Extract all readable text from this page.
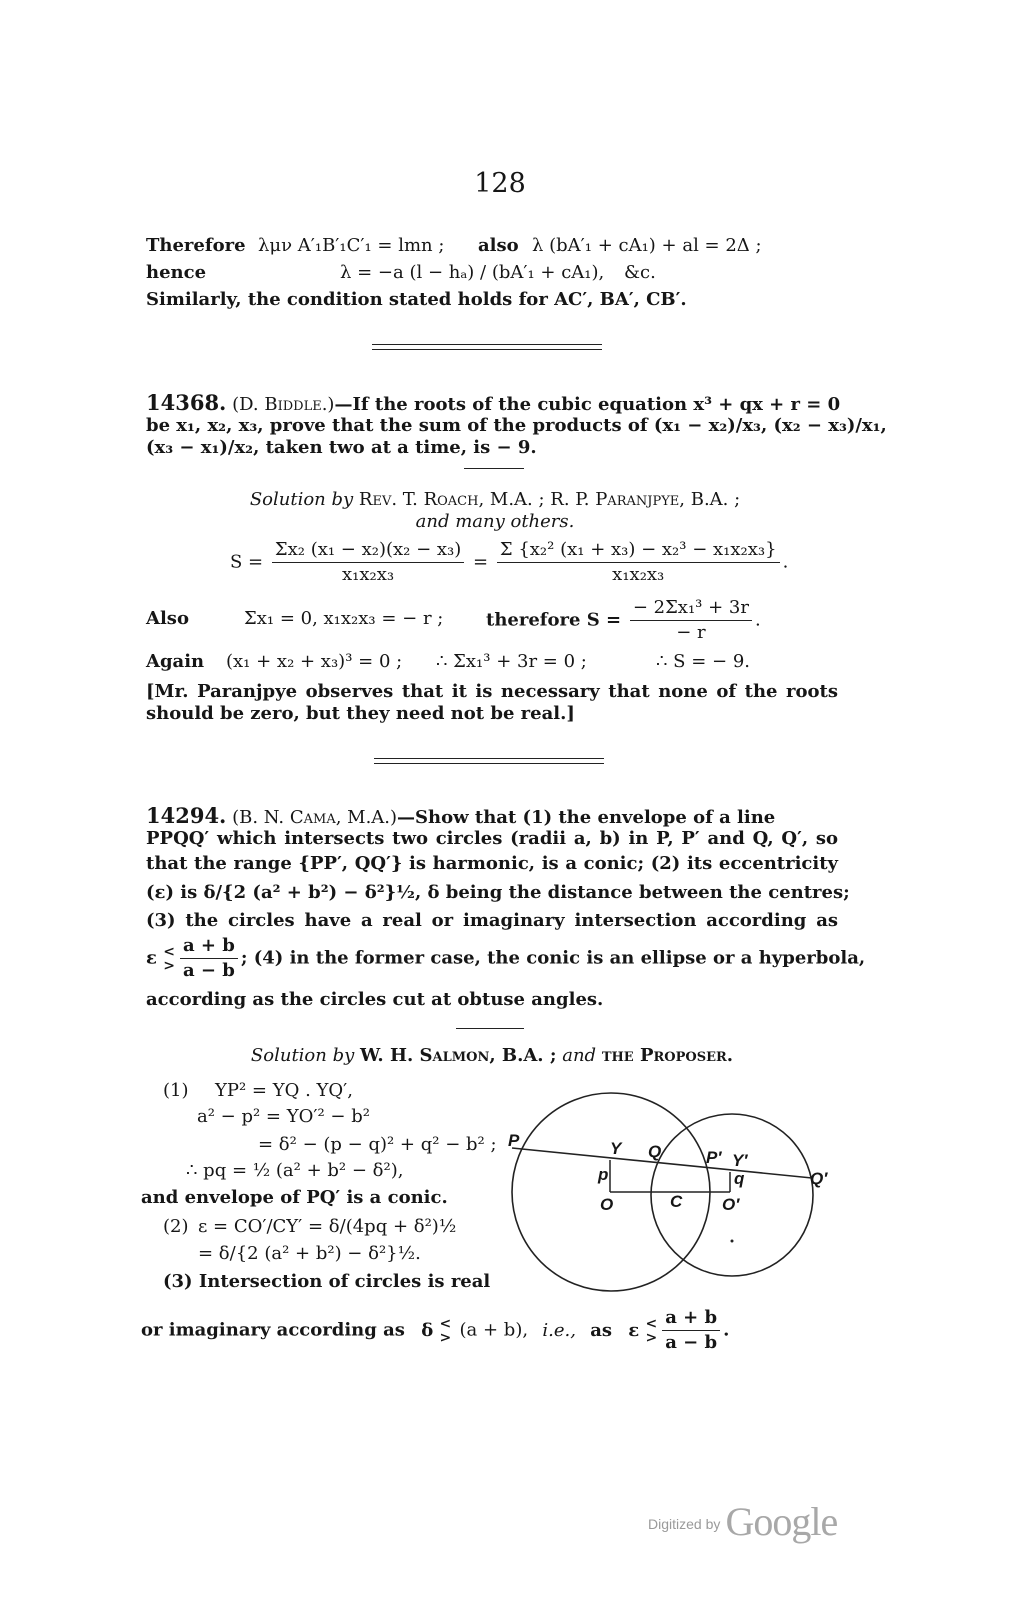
128
Therefore λμν A′₁B′₁C′₁ = lmn ; also λ (bA′₁ + cA₁) + al = 2Δ ;
hence	λ = −a (l − hₐ) / (bA′₁ + cA₁), &c.
Similarly, the condition stated holds for AC′, BA′, CB′.
14368. (D. Biddle.)—If the roots of the cubic equation x³ + qx + r = 0
be x₁, x₂, x₃, prove that the sum of the products of (x₁ − x₂)/x₃, (x₂ − x₃)/x₁,
(x₃ − x₁)/x₂, taken two at a time, is − 9.
Solution by Rev. T. Roach, M.A. ; R. P. Paranjpye, B.A. ;
and many others.
$S = \frac{\text{Σx₂ (x₁ − x₂)(x₂ − x₃)}}{\text{x₁x₂x₃}} = \frac{\text{Σ \{x₂² (x₁ + x₃) − x₂³ − x₁x₂x₃\}}}{\text{x₁x₂x₃}}$ .
Also	Σx₁ = 0, x₁x₂x₃ = − r ; therefore $S = \frac{\text{− 2Σx₁³ + 3r}}{- r}$ .
Again (x₁ + x₂ + x₃)³ = 0 ; ∴ Σx₁³ + 3r = 0 ;	∴ S = − 9.
[Mr. Paranjpye observes that it is necessary that none of the roots
should be zero, but they need not be real.]
14294. (B. N. Cama, M.A.)—Show that (1) the envelope of a line
PPQQ′ which intersects two circles (radii a, b) in P, P′ and Q, Q′, so
that the range {PP′, QQ′} is harmonic, is a conic; (2) its eccentricity
(ε) is δ/{2 (a² + b²) − δ²}½, δ being the distance between the centres;
(3) the circles have a real or imaginary intersection according as
ε <
> $\frac{a + b}{a - b}$ ; (4) in the former case, the conic is an ellipse or a hyperbola,
according as the circles cut at obtuse angles.
Solution by W. H. Salmon, B.A. ; and the Proposer.
(1) YP² = YQ . YQ′,
a² − p² = YO′² − b²
= δ² − (p − q)² + q² − b² ;
∴ pq = ½ (a² + b² − δ²),
and envelope of PQ′ is a conic.
(2) ε = CO′/CY′ = δ/(4pq + δ²)½
= δ/{2 (a² + b²) − δ²}½.
(3) Intersection of circles is real
or imaginary according as δ <
> (a + b), i.e., as ε <
> $\frac{a + b}{a - b}$ .
P	Y Q	P′ Y′
Q′
p	q
O	C O′
Digitized by Google
